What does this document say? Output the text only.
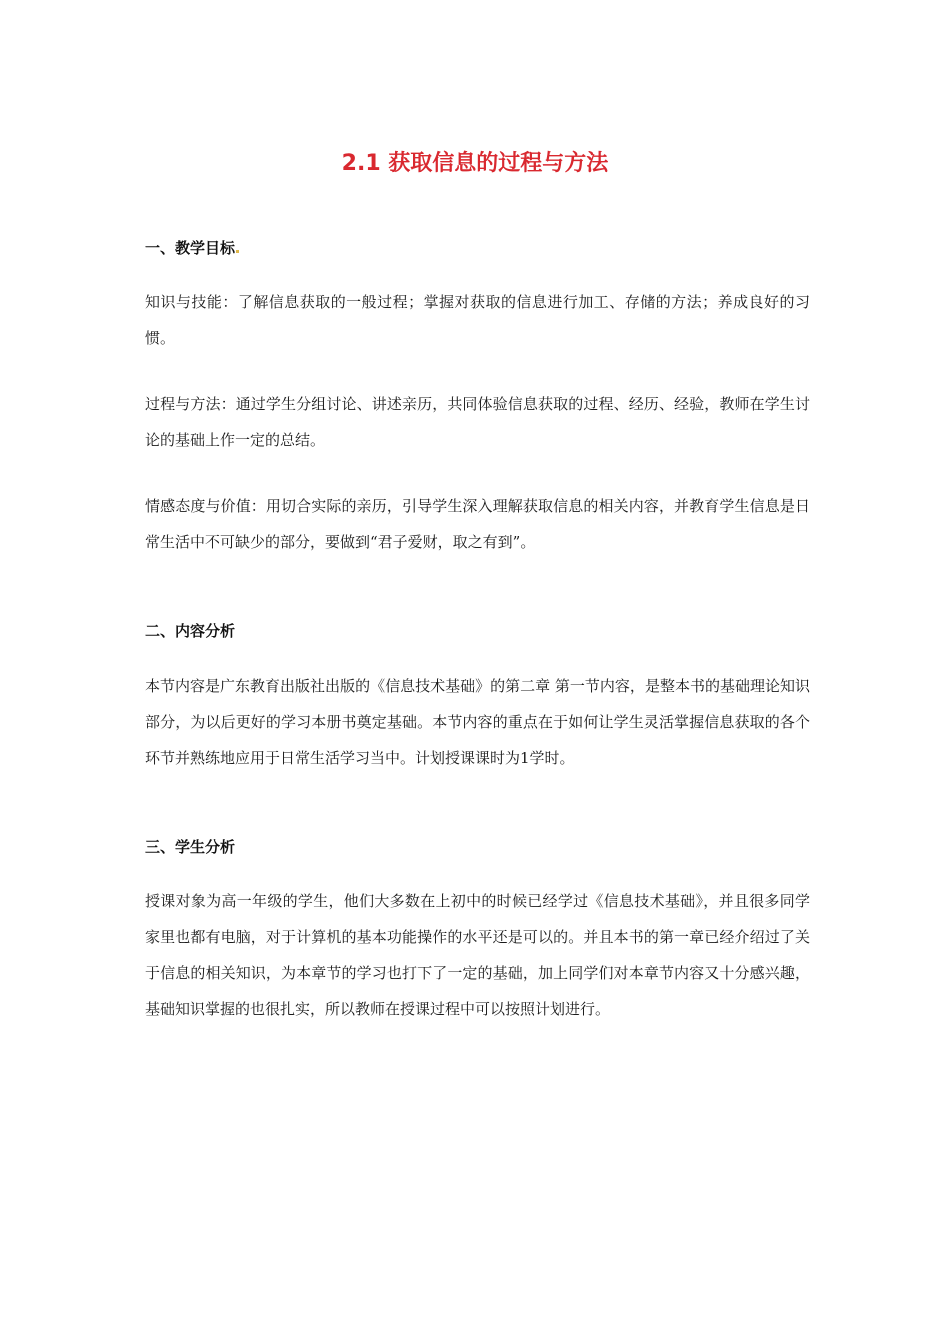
2.1 获取信息的过程与方法
一、教学目标
知识与技能：了解信息获取的一般过程；掌握对获取的信息进行加工、存储的方法；养成良好的习惯。
过程与方法：通过学生分组讨论、讲述亲历，共同体验信息获取的过程、经历、经验，教师在学生讨论的基础上作一定的总结。
情感态度与价值：用切合实际的亲历，引导学生深入理解获取信息的相关内容，并教育学生信息是日常生活中不可缺少的部分，要做到“君子爱财，取之有到”。
二、内容分析
本节内容是广东教育出版社出版的《信息技术基础》的第二章 第一节内容，是整本书的基础理论知识部分，为以后更好的学习本册书奠定基础。本节内容的重点在于如何让学生灵活掌握信息获取的各个环节并熟练地应用于日常生活学习当中。计划授课课时为1学时。
三、学生分析
授课对象为高一年级的学生，他们大多数在上初中的时候已经学过《信息技术基础》，并且很多同学家里也都有电脑，对于计算机的基本功能操作的水平还是可以的。并且本书的第一章已经介绍过了关于信息的相关知识，为本章节的学习也打下了一定的基础，加上同学们对本章节内容又十分感兴趣，基础知识掌握的也很扎实，所以教师在授课过程中可以按照计划进行。
